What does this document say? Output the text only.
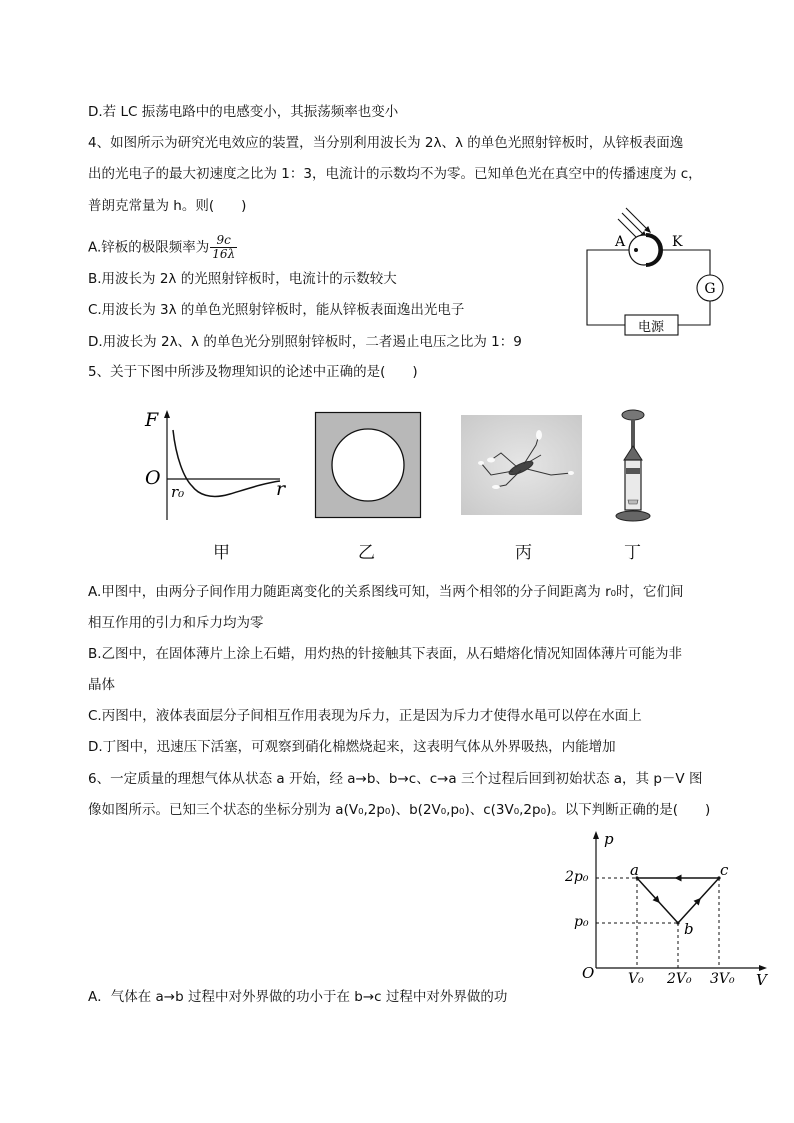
D.若 LC 振荡电路中的电感变小，其振荡频率也变小
4、如图所示为研究光电效应的装置，当分别利用波长为 2λ、λ 的单色光照射锌板时，从锌板表面逸
出的光电子的最大初速度之比为 1：3，电流计的示数均不为零。已知单色光在真空中的传播速度为 c，
普朗克常量为 h。则(　　)
A.锌板的极限频率为 $\frac{9c}{16\lambda}$
B.用波长为 2λ 的光照射锌板时，电流计的示数较大
C.用波长为 3λ 的单色光照射锌板时，能从锌板表面逸出光电子
D.用波长为 2λ、λ 的单色光分别照射锌板时，二者遏止电压之比为 1：9
G
电源
A	K
5、关于下图中所涉及物理知识的论述中正确的是(　　)
F
O
r₀	r
甲	乙	丙	丁
A.甲图中，由两分子间作用力随距离变化的关系图线可知，当两个相邻的分子间距离为 r₀时，它们间
相互作用的引力和斥力均为零
B.乙图中，在固体薄片上涂上石蜡，用灼热的针接触其下表面，从石蜡熔化情况知固体薄片可能为非
晶体
C.丙图中，液体表面层分子间相互作用表现为斥力，正是因为斥力才使得水黾可以停在水面上
D.丁图中，迅速压下活塞，可观察到硝化棉燃烧起来，这表明气体从外界吸热，内能增加
6、一定质量的理想气体从状态 a 开始，经 a→b、b→c、c→a 三个过程后回到初始状态 a，其 p－V 图
像如图所示。已知三个状态的坐标分别为 a(V₀,2p₀)、b(2V₀,p₀)、c(3V₀,2p₀)。以下判断正确的是(　　)
p
V
O
2p₀
p₀
V₀ 2V₀ 3V₀
a
b
c
A．气体在 a→b 过程中对外界做的功小于在 b→c 过程中对外界做的功
